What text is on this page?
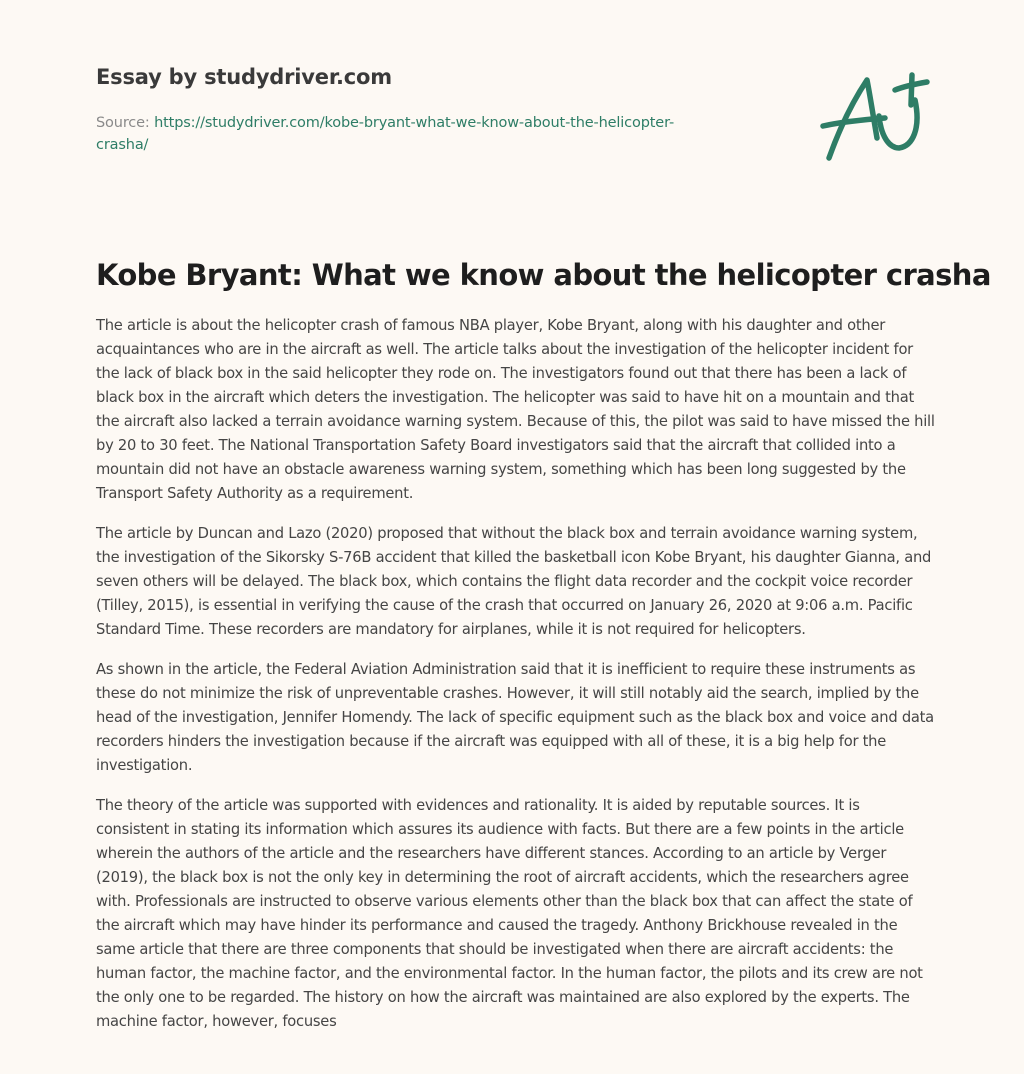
Essay by studydriver.com
Source: https://studydriver.com/kobe-bryant-what-we-know-about-the-helicopter-
crasha/
Kobe Bryant: What we know about the helicopter crasha

The article is about the helicopter crash of famous NBA player, Kobe Bryant, along with his daughter and other acquaintances who are in the aircraft as well. The article talks about the investigation of the helicopter incident for the lack of black box in the said helicopter they rode on. The investigators found out that there has been a lack of black box in the aircraft which deters the investigation. The helicopter was said to have hit on a mountain and that the aircraft also lacked a terrain avoidance warning system. Because of this, the pilot was said to have missed the hill by 20 to 30 feet. The National Transportation Safety Board investigators said that the aircraft that collided into a mountain did not have an obstacle awareness warning system, something which has been long suggested by the Transport Safety Authority as a requirement.

The article by Duncan and Lazo (2020) proposed that without the black box and terrain avoidance warning system, the investigation of the Sikorsky S-76B accident that killed the basketball icon Kobe Bryant, his daughter Gianna, and seven others will be delayed. The black box, which contains the flight data recorder and the cockpit voice recorder (Tilley, 2015), is essential in verifying the cause of the crash that occurred on January 26, 2020 at 9:06 a.m. Pacific Standard Time. These recorders are mandatory for airplanes, while it is not required for helicopters.

As shown in the article, the Federal Aviation Administration said that it is inefficient to require these instruments as these do not minimize the risk of unpreventable crashes. However, it will still notably aid the search, implied by the head of the investigation, Jennifer Homendy. The lack of specific equipment such as the black box and voice and data recorders hinders the investigation because if the aircraft was equipped with all of these, it is a big help for the investigation.

The theory of the article was supported with evidences and rationality. It is aided by reputable sources. It is consistent in stating its information which assures its audience with facts. But there are a few points in the article wherein the authors of the article and the researchers have different stances. According to an article by Verger (2019), the black box is not the only key in determining the root of aircraft accidents, which the researchers agree with. Professionals are instructed to observe various elements other than the black box that can affect the state of the aircraft which may have hinder its performance and caused the tragedy. Anthony Brickhouse revealed in the same article that there are three components that should be investigated when there are aircraft accidents: the human factor, the machine factor, and the environmental factor. In the human factor, the pilots and its crew are not the only one to be regarded. The history on how the aircraft was maintained are also explored by the experts. The machine factor, however, focuses
